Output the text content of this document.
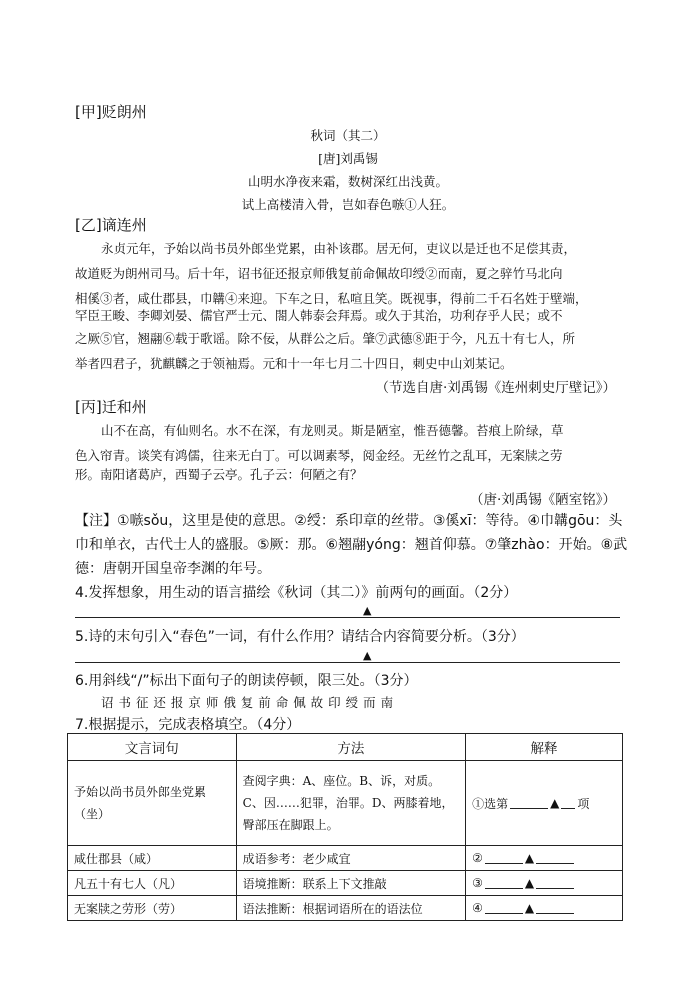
[甲]贬朗州
秋词（其二）
[唐]刘禹锡
山明水净夜来霜，数树深红出浅黄。
试上高楼清入骨，岂如春色嗾①人狂。
[乙]谪连州
永贞元年，予始以尚书员外郎坐党累，由补该郡。居无何，吏议以是迁也不足偿其责，
故道贬为朗州司马。后十年，诏书征还报京师俄复前命佩故印绶②而南，夏之骍竹马北向
相傒③者，咸仕郡县，巾韝④来迎。下车之日，私喧且笑。既视事，得前二千石名姓于壁端，
罕臣王畯、李卿刘晏、儒官严士元、閤人韩泰会拜焉。或久于其治，功利存乎人民；或不
之厥⑤官，翘翮⑥载于歌谣。除不佞，从群公之后。肇⑦武德⑧距于今，凡五十有七人，所
举者四君子，犹麒麟之于领袖焉。元和十一年七月二十四日，刺史中山刘某记。
（节选自唐·刘禹锡《连州刺史厅壁记》）
[丙]迁和州
山不在高，有仙则名。水不在深，有龙则灵。斯是陋室，惟吾德馨。苔痕上阶绿，草
色入帘青。谈笑有鸿儒，往来无白丁。可以调素琴，阅金经。无丝竹之乱耳，无案牍之劳
形。南阳诸葛庐，西蜀子云亭。孔子云：何陋之有？
（唐·刘禹锡《陋室铭》）
【注】①嗾sǒu，这里是使的意思。②绶：系印章的丝带。③傒xī：等待。④巾韝gōu：头
巾和单衣，古代士人的盛服。⑤厥：那。⑥翘翮yóng：翘首仰慕。⑦肇zhào：开始。⑧武
德：唐朝开国皇帝李渊的年号。
4.发挥想象，用生动的语言描绘《秋词（其二）》前两句的画面。（2分）
▲
5.诗的末句引入“春色”一词，有什么作用？请结合内容简要分析。（3分）
▲
6.用斜线“/”标出下面句子的朗读停顿，限三处。（3分）
诏 书 征 还 报 京 师 俄 复 前 命 佩 故 印 绶 而 南
7.根据提示，完成表格填空。（4分）
文言词句	方法	解释
予始以尚书员外郎坐党累（坐）	查阅字典：A、座位。B、诉，对质。C、因……犯罪，治罪。D、两膝着地，臀部压在脚跟上。	①选第 ▲ 项

咸仕郡县（咸）	成语参考：老少咸宜	② ▲

凡五十有七人（凡）	语境推断：联系上下文推敲	③ ▲

无案牍之劳形（劳）	语法推断：根据词语所在的语法位	④ ▲
